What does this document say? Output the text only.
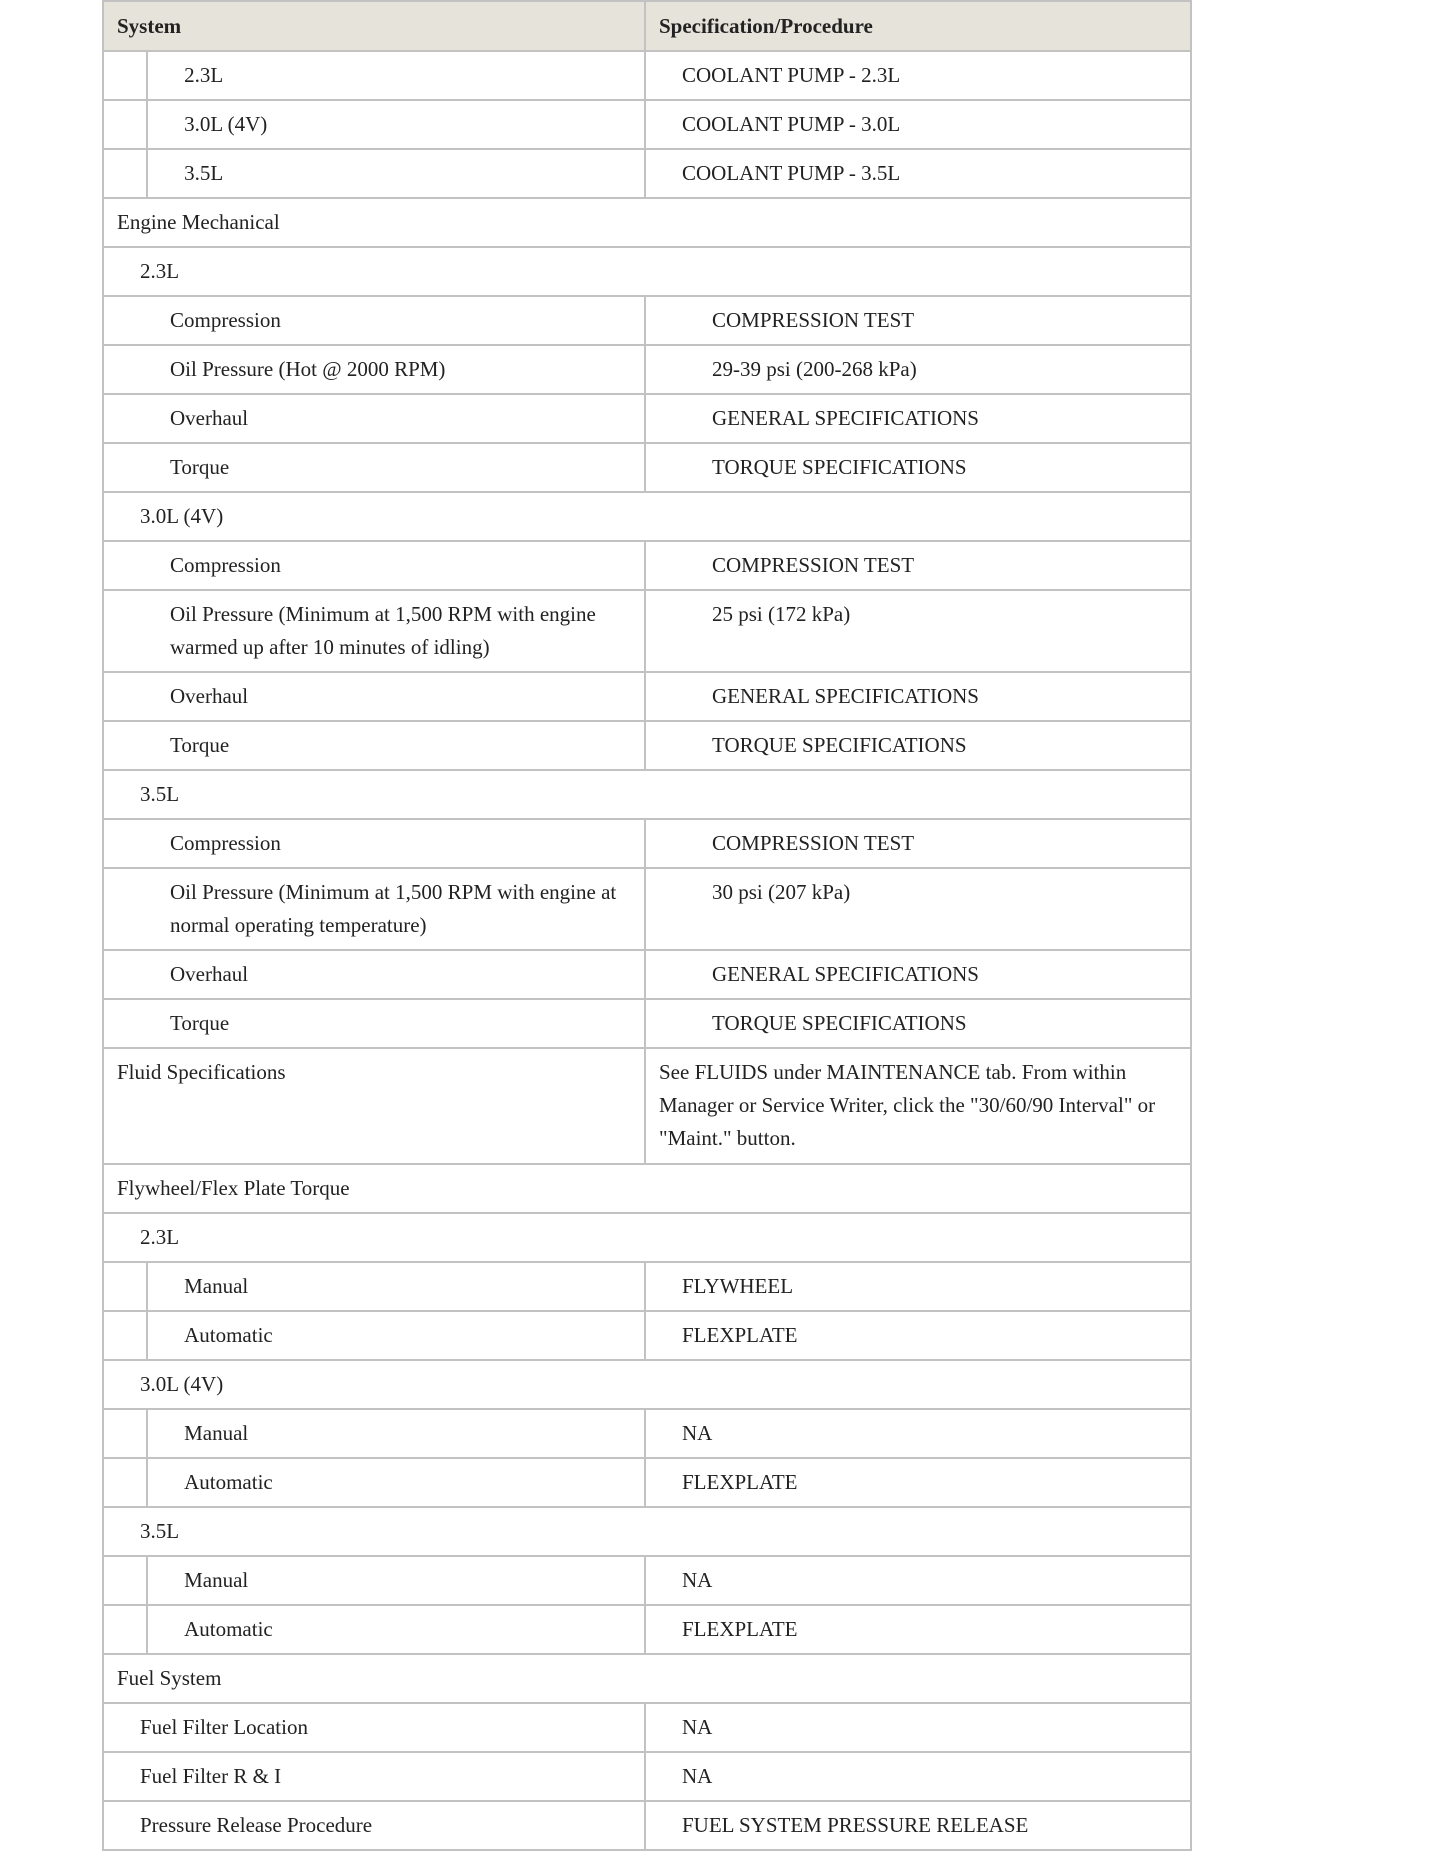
System		Specification/Procedure

	2.3L	COOLANT PUMP - 2.3L

	3.0L (4V)	COOLANT PUMP - 3.0L

	3.5L	COOLANT PUMP - 3.5L

Engine Mechanical		

2.3L		

Compression		COMPRESSION TEST

Oil Pressure (Hot @ 2000 RPM)		29-39 psi (200-268 kPa)

Overhaul		GENERAL SPECIFICATIONS

Torque		TORQUE SPECIFICATIONS

3.0L (4V)		

Compression		COMPRESSION TEST

Oil Pressure (Minimum at 1,500 RPM with engine warmed up after 10 minutes of idling)		25 psi (172 kPa)

Overhaul		GENERAL SPECIFICATIONS

Torque		TORQUE SPECIFICATIONS

3.5L		

Compression		COMPRESSION TEST

Oil Pressure (Minimum at 1,500 RPM with engine at normal operating temperature)		30 psi (207 kPa)

Overhaul		GENERAL SPECIFICATIONS

Torque		TORQUE SPECIFICATIONS

Fluid Specifications		See FLUIDS under MAINTENANCE tab. From within Manager or Service Writer, click the "30/60/90 Interval" or "Maint." button.

Flywheel/Flex Plate Torque		

2.3L		

	Manual	FLYWHEEL

	Automatic	FLEXPLATE

3.0L (4V)		

	Manual	NA

	Automatic	FLEXPLATE

3.5L		

	Manual	NA

	Automatic	FLEXPLATE

Fuel System		

Fuel Filter Location		NA

Fuel Filter R & I		NA

Pressure Release Procedure		FUEL SYSTEM PRESSURE RELEASE
